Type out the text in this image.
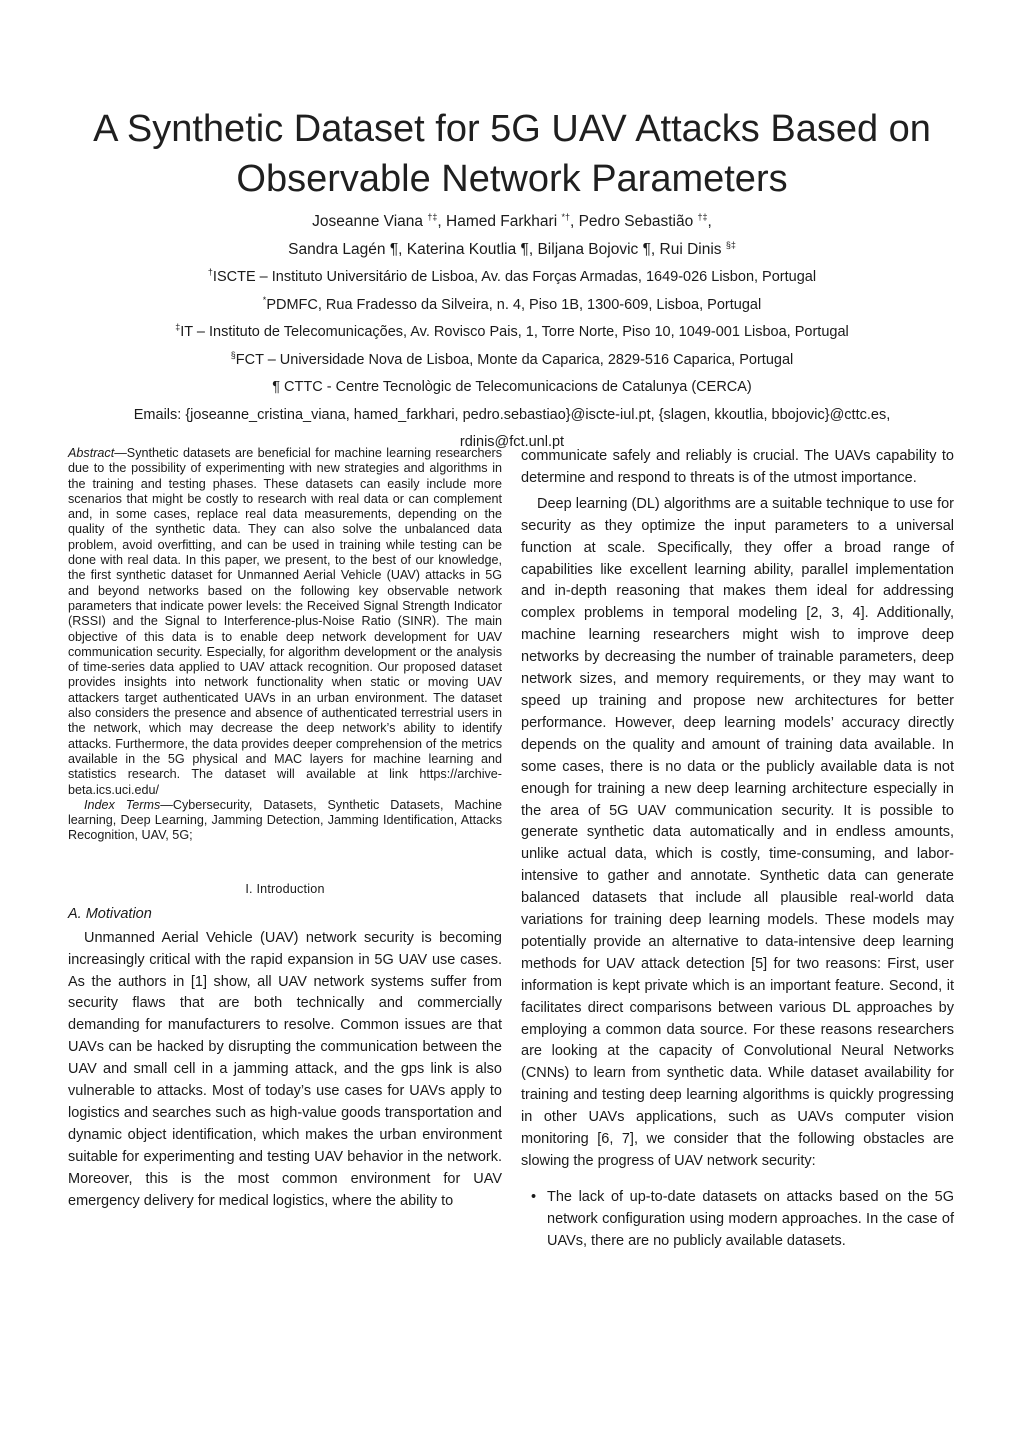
A Synthetic Dataset for 5G UAV Attacks Based on
Observable Network Parameters
Joseanne Viana †‡, Hamed Farkhari *†, Pedro Sebastião †‡,
Sandra Lagén ¶, Katerina Koutlia ¶, Biljana Bojovic ¶, Rui Dinis §‡
†ISCTE – Instituto Universitário de Lisboa, Av. das Forças Armadas, 1649-026 Lisbon, Portugal
*PDMFC, Rua Fradesso da Silveira, n. 4, Piso 1B, 1300-609, Lisboa, Portugal
‡IT – Instituto de Telecomunicações, Av. Rovisco Pais, 1, Torre Norte, Piso 10, 1049-001 Lisboa, Portugal
§FCT – Universidade Nova de Lisboa, Monte da Caparica, 2829-516 Caparica, Portugal
¶ CTTC - Centre Tecnològic de Telecomunicacions de Catalunya (CERCA)
Emails: {joseanne_cristina_viana, hamed_farkhari, pedro.sebastiao}@iscte-iul.pt, {slagen, kkoutlia, bbojovic}@cttc.es,
rdinis@fct.unl.pt

Abstract—Synthetic datasets are beneficial for machine learning researchers due to the possibility of experimenting with new strategies and algorithms in the training and testing phases. These datasets can easily include more scenarios that might be costly to research with real data or can complement and, in some cases, replace real data measurements, depending on the quality of the synthetic data. They can also solve the unbalanced data problem, avoid overfitting, and can be used in training while testing can be done with real data. In this paper, we present, to the best of our knowledge, the first synthetic dataset for Unmanned Aerial Vehicle (UAV) attacks in 5G and beyond networks based on the following key observable network parameters that indicate power levels: the Received Signal Strength Indicator (RSSI) and the Signal to Interference-plus-Noise Ratio (SINR). The main objective of this data is to enable deep network development for UAV communication security. Especially, for algorithm development or the analysis of time-series data applied to UAV attack recognition. Our proposed dataset provides insights into network functionality when static or moving UAV attackers target authenticated UAVs in an urban environment. The dataset also considers the presence and absence of authenticated terrestrial users in the network, which may decrease the deep network’s ability to identify attacks. Furthermore, the data provides deeper comprehension of the metrics available in the 5G physical and MAC layers for machine learning and statistics research. The dataset will available at link https://archive-beta.ics.uci.edu/

Index Terms—Cybersecurity, Datasets, Synthetic Datasets, Machine learning, Deep Learning, Jamming Detection, Jamming Identification, Attacks Recognition, UAV, 5G;

I. Introduction
A. Motivation

Unmanned Aerial Vehicle (UAV) network security is becoming increasingly critical with the rapid expansion in 5G UAV use cases. As the authors in [1] show, all UAV network systems suffer from security flaws that are both technically and commercially demanding for manufacturers to resolve. Common issues are that UAVs can be hacked by disrupting the communication between the UAV and small cell in a jamming attack, and the gps link is also vulnerable to attacks. Most of today’s use cases for UAVs apply to logistics and searches such as high-value goods transportation and dynamic object identification, which makes the urban environment suitable for experimenting and testing UAV behavior in the network. Moreover, this is the most common environment for UAV emergency delivery for medical logistics, where the ability to

communicate safely and reliably is crucial. The UAVs capability to determine and respond to threats is of the utmost importance.

Deep learning (DL) algorithms are a suitable technique to use for security as they optimize the input parameters to a universal function at scale. Specifically, they offer a broad range of capabilities like excellent learning ability, parallel implementation and in-depth reasoning that makes them ideal for addressing complex problems in temporal modeling [2, 3, 4]. Additionally, machine learning researchers might wish to improve deep networks by decreasing the number of trainable parameters, deep network sizes, and memory requirements, or they may want to speed up training and propose new architectures for better performance. However, deep learning models’ accuracy directly depends on the quality and amount of training data available. In some cases, there is no data or the publicly available data is not enough for training a new deep learning architecture especially in the area of 5G UAV communication security. It is possible to generate synthetic data automatically and in endless amounts, unlike actual data, which is costly, time-consuming, and labor-intensive to gather and annotate. Synthetic data can generate balanced datasets that include all plausible real-world data variations for training deep learning models. These models may potentially provide an alternative to data-intensive deep learning methods for UAV attack detection [5] for two reasons: First, user information is kept private which is an important feature. Second, it facilitates direct comparisons between various DL approaches by employing a common data source. For these reasons researchers are looking at the capacity of Convolutional Neural Networks (CNNs) to learn from synthetic data. While dataset availability for training and testing deep learning algorithms is quickly progressing in other UAVs applications, such as UAVs computer vision monitoring [6, 7], we consider that the following obstacles are slowing the progress of UAV network security:

• The lack of up-to-date datasets on attacks based on the 5G network configuration using modern approaches. In the case of UAVs, there are no publicly available datasets.
